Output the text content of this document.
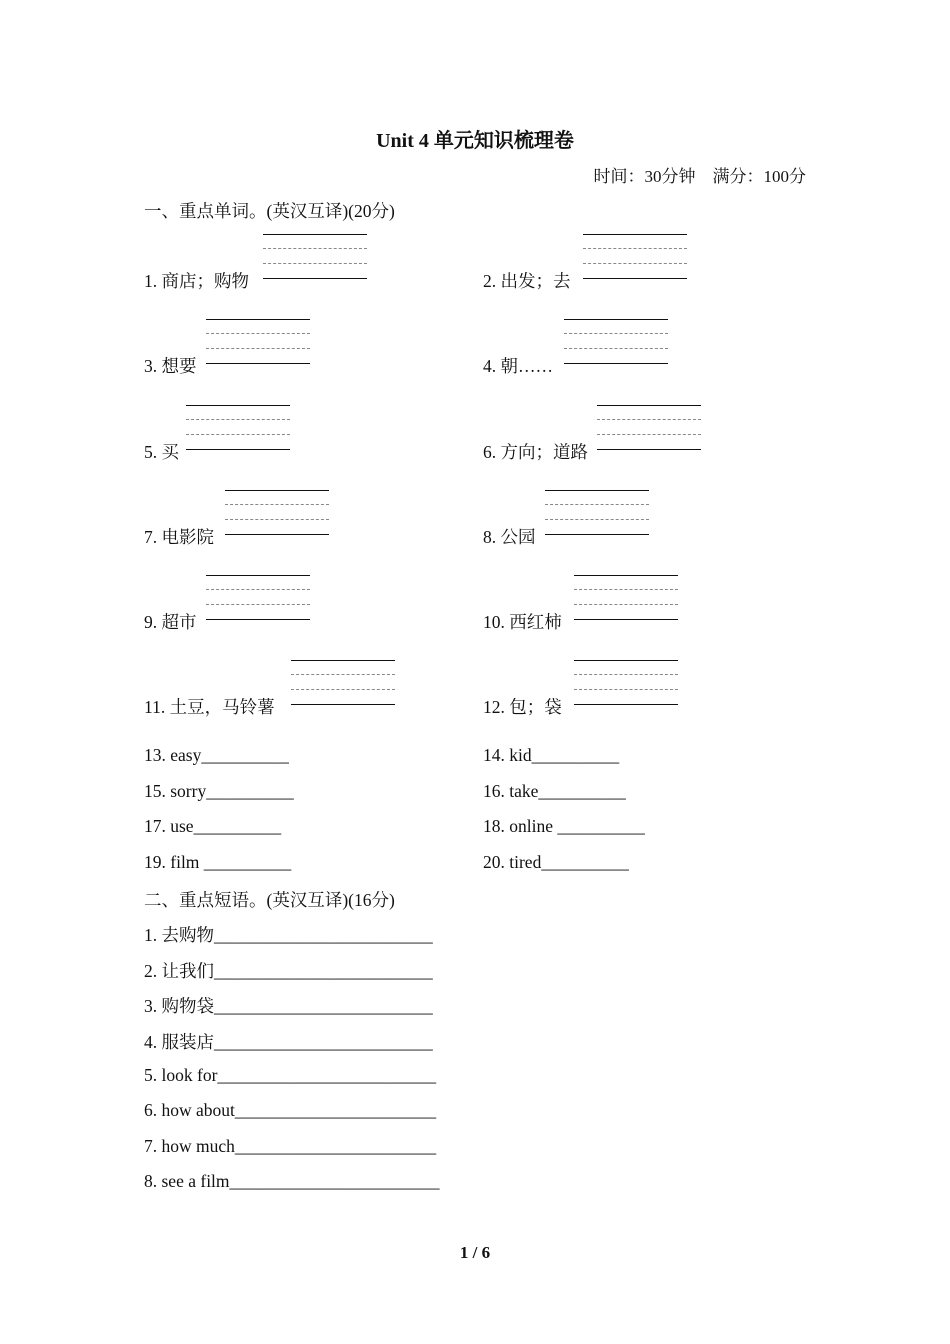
Unit 4 单元知识梳理卷
时间：30分钟　满分：100分
一、重点单词。(英汉互译)(20分)
1. 商店；购物	2. 出发；去
3. 想要	4. 朝……
5. 买	6. 方向；道路
7. 电影院	8. 公园
9. 超市	10. 西红柿
11. 土豆，马铃薯	12. 包；袋
13. easy__________	14. kid__________
15. sorry__________	16. take__________
17. use__________	18. online __________
19. film __________	20. tired__________
二、重点短语。(英汉互译)(16分)
1. 去购物_________________________
2. 让我们_________________________
3. 购物袋_________________________
4. 服装店_________________________
5. look for_________________________
6. how about_______________________
7. how much_______________________
8. see a film________________________
1 / 6
